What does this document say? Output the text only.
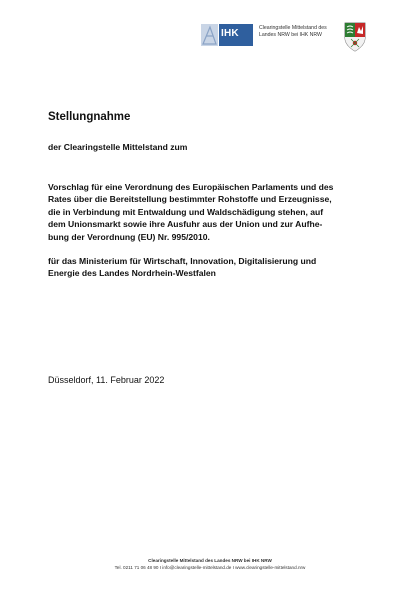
IHK	Clearingstelle Mittelstand des
Landes NRW bei IHK NRW
Stellungnahme

der Clearingstelle Mittelstand zum

Vorschlag für eine Verordnung des Europäischen Parlaments und des
Rates über die Bereitstellung bestimmter Rohstoffe und Erzeugnisse,
die in Verbindung mit Entwaldung und Waldschädigung stehen, auf
dem Unionsmarkt sowie ihre Ausfuhr aus der Union und zur Aufhe-
bung der Verordnung (EU) Nr. 995/2010.
für das Ministerium für Wirtschaft, Innovation, Digitalisierung und
Energie des Landes Nordrhein-Westfalen

Düsseldorf, 11. Februar 2022

Clearingstelle Mittelstand des Landes NRW bei IHK NRW
Tel. 0211 71 06 48 90 I info@clearingstelle-mittelstand.de I www.clearingstelle-mittelstand.nrw
